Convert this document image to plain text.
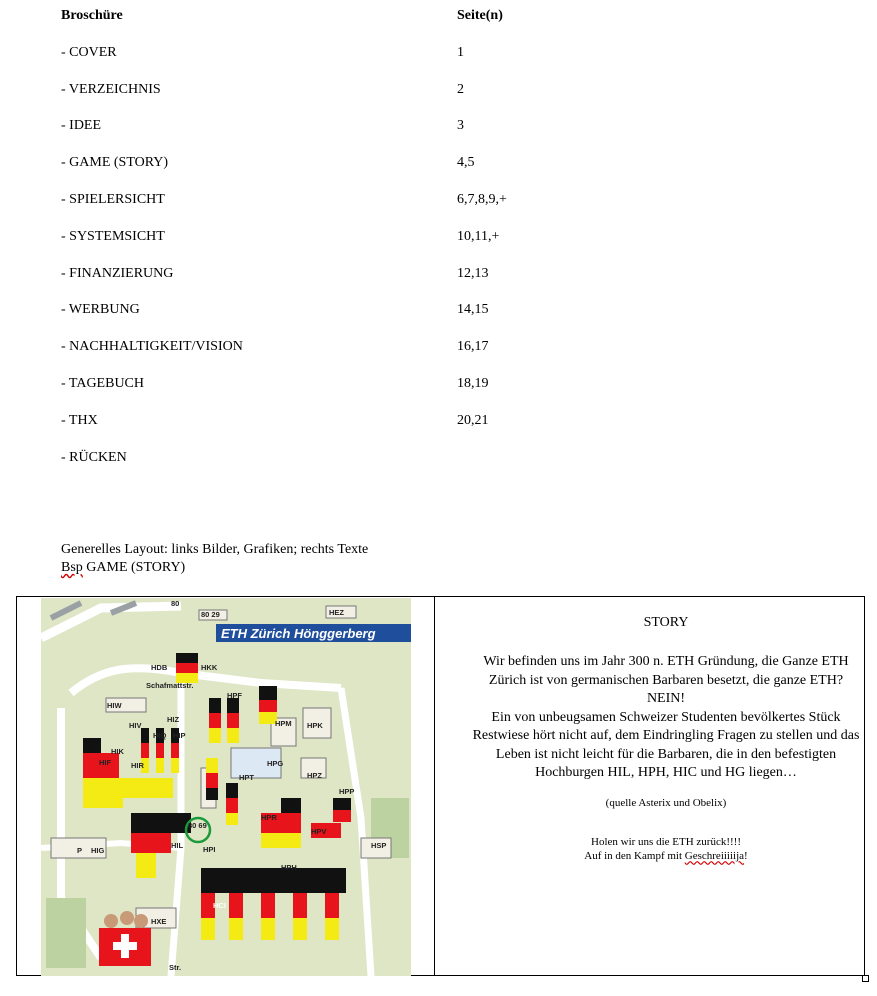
Broschüre	Seite(n)
- COVER	1
- VERZEICHNIS	2
- IDEE	3
- GAME (STORY)	4,5
- SPIELERSICHT	6,7,8,9,+
- SYSTEMSICHT	10,11,+
- FINANZIERUNG	12,13
- WERBUNG	14,15
- NACHHALTIGKEIT/VISION	16,17
- TAGEBUCH	18,19
- THX	20,21
- RÜCKEN
Generelles Layout: links Bilder, Grafiken; rechts Texte
Bsp GAME (STORY)
ETH Zürich Hönggerberg
HEZ
80
80 29
HDB	HKK
Schafmattstr.
HPF
HIW
HIV
HIZ
HIQ HIP
HIK
HIF	HIR
HPM HPK
HPG
HPT	HPZ
HPP
HPR
HPV
HSP
HIG
HIL	HPI
HPH
HCI
HXE
80 69
P
Str.
STORY
Wir befinden uns im Jahr 300 n. ETH Gründung, die Ganze ETH Zürich ist von germanischen Barbaren besetzt, die ganze ETH?
NEIN!
Ein von unbeugsamen Schweizer Studenten bevölkertes Stück Restwiese hört nicht auf, dem Eindringling Fragen zu stellen und das Leben ist nicht leicht für die Barbaren, die in den befestigten Hochburgen HIL, HPH, HIC und HG liegen…
(quelle Asterix und Obelix)
Holen wir uns die ETH zurück!!!!
Auf in den Kampf mit Geschreiiiiija!
